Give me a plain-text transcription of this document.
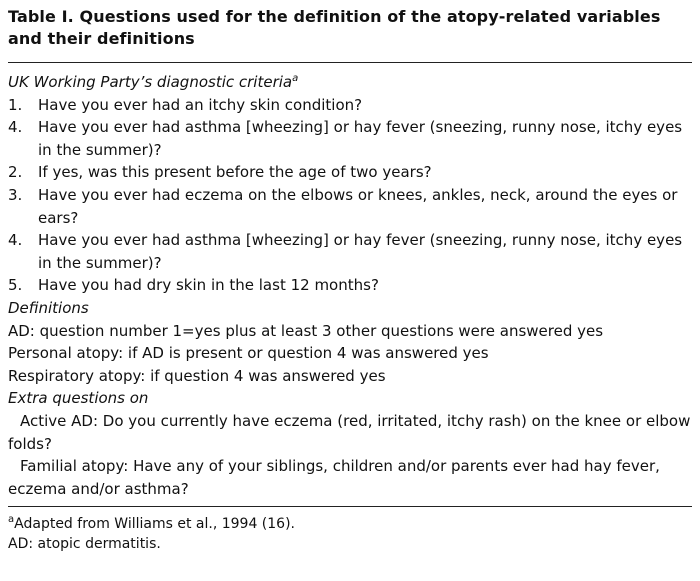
Table I. Questions used for the definition of the atopy-related variables and their definitions

UK Working Party’s diagnostic criteria$^a$
1.	Have you ever had an itchy skin condition?
4.	Have you ever had asthma [wheezing] or hay fever (sneezing, runny nose, itchy eyes in the summer)?
2.	If yes, was this present before the age of two years?
3.	Have you ever had eczema on the elbows or knees, ankles, neck, around the eyes or ears?
4.	Have you ever had asthma [wheezing] or hay fever (sneezing, runny nose, itchy eyes in the summer)?
5.	Have you had dry skin in the last 12 months?
Definitions
AD: question number 1=yes plus at least 3 other questions were answered yes
Personal atopy: if AD is present or question 4 was answered yes
Respiratory atopy: if question 4 was answered yes
Extra questions on
Active AD: Do you currently have eczema (red, irritated, itchy rash) on the knee or elbow folds?
Familial atopy: Have any of your siblings, children and/or parents ever had hay fever, eczema and/or asthma?
$^a$Adapted from Williams et al., 1994 (16).
AD: atopic dermatitis.
